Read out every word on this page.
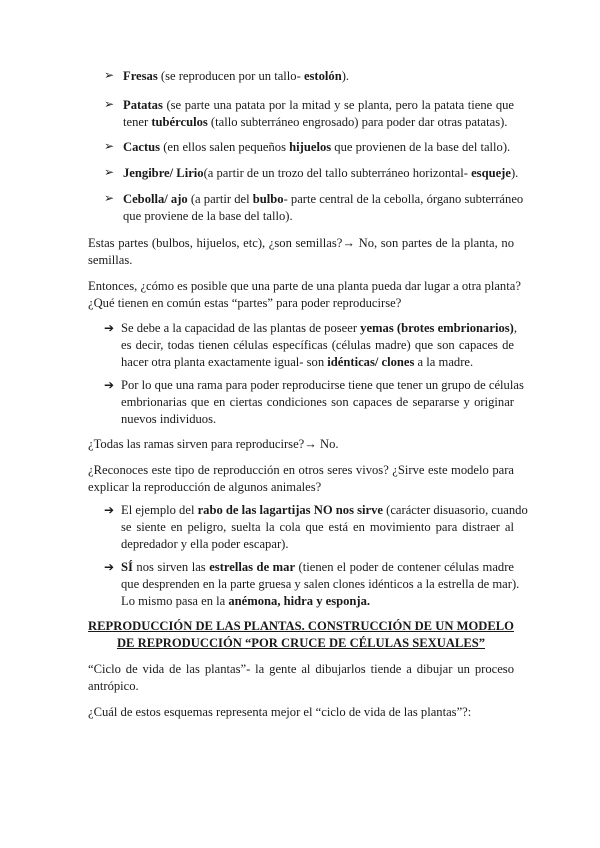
➢ Fresas (se reproducen por un tallo- estolón).
➢ Patatas (se parte una patata por la mitad y se planta, pero la patata tiene que
tener tubérculos (tallo subterráneo engrosado) para poder dar otras patatas).
➢ Cactus (en ellos salen pequeños hijuelos que provienen de la base del tallo).
➢ Jengibre/ Lirio(a partir de un trozo del tallo subterráneo horizontal- esqueje).
➢ Cebolla/ ajo (a partir del bulbo- parte central de la cebolla, órgano subterráneo
que proviene de la base del tallo).
Estas partes (bulbos, hijuelos, etc), ¿son semillas?→ No, son partes de la planta, no
semillas.
Entonces, ¿cómo es posible que una parte de una planta pueda dar lugar a otra planta?
¿Qué tienen en común estas “partes” para poder reproducirse?
➔ Se debe a la capacidad de las plantas de poseer yemas (brotes embrionarios),
es decir, todas tienen células específicas (células madre) que son capaces de
hacer otra planta exactamente igual- son idénticas/ clones a la madre.
➔ Por lo que una rama para poder reproducirse tiene que tener un grupo de células
embrionarias que en ciertas condiciones son capaces de separarse y originar
nuevos individuos.
¿Todas las ramas sirven para reproducirse?→ No.
¿Reconoces este tipo de reproducción en otros seres vivos? ¿Sirve este modelo para
explicar la reproducción de algunos animales?
➔ El ejemplo del rabo de las lagartijas NO nos sirve (carácter disuasorio, cuando
se siente en peligro, suelta la cola que está en movimiento para distraer al
depredador y ella poder escapar).
➔ SÍ nos sirven las estrellas de mar (tienen el poder de contener células madre
que desprenden en la parte gruesa y salen clones idénticos a la estrella de mar).
Lo mismo pasa en la anémona, hidra y esponja.
REPRODUCCIÓN DE LAS PLANTAS. CONSTRUCCIÓN DE UN MODELO
DE REPRODUCCIÓN “POR CRUCE DE CÉLULAS SEXUALES”
“Ciclo de vida de las plantas”- la gente al dibujarlos tiende a dibujar un proceso
antrópico.
¿Cuál de estos esquemas representa mejor el “ciclo de vida de las plantas”?:
